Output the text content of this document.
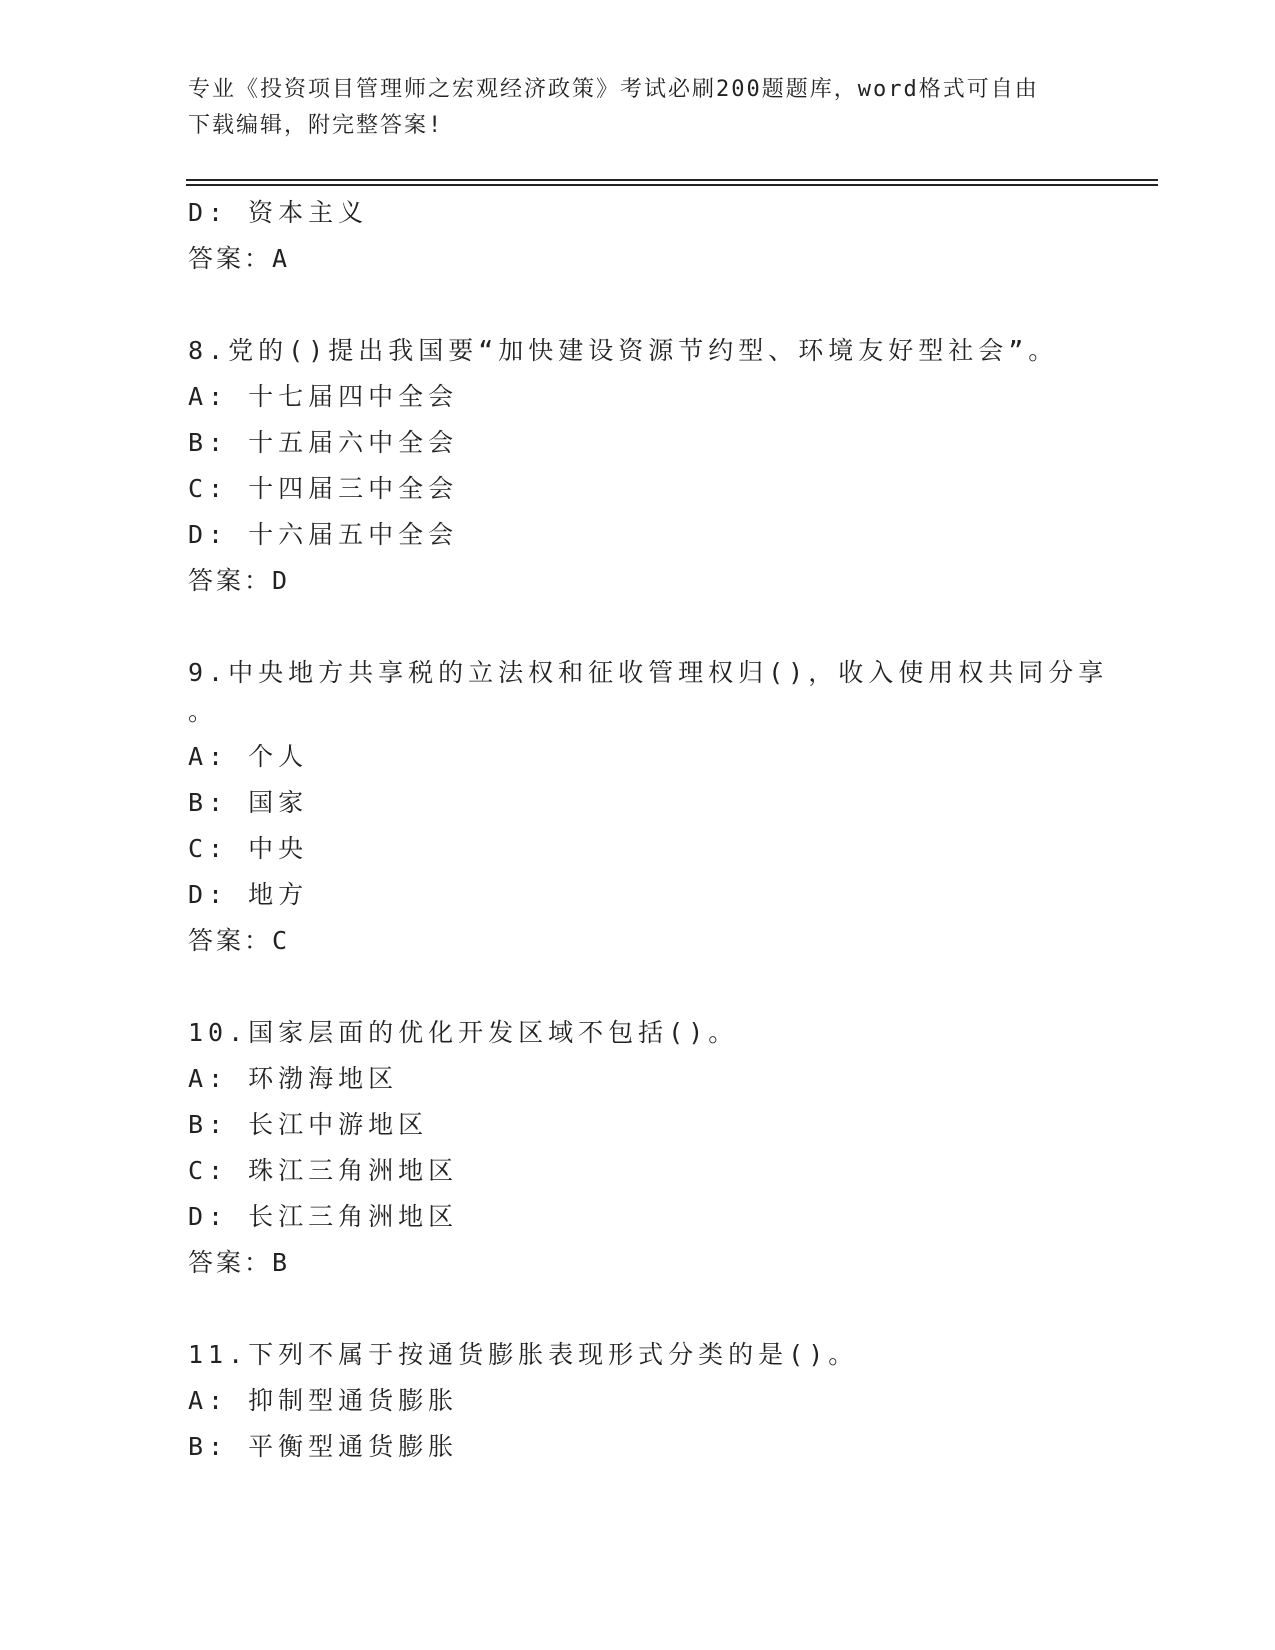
专业《投资项目管理师之宏观经济政策》考试必刷200题题库，word格式可自由
下载编辑，附完整答案!
D: 资本主义
答案：A
8.党的()提出我国要“加快建设资源节约型、环境友好型社会”。
A: 十七届四中全会
B: 十五届六中全会
C: 十四届三中全会
D: 十六届五中全会
答案：D
9.中央地方共享税的立法权和征收管理权归()，收入使用权共同分享
。
A: 个人
B: 国家
C: 中央
D: 地方
答案：C
10.国家层面的优化开发区域不包括()。
A: 环渤海地区
B: 长江中游地区
C: 珠江三角洲地区
D: 长江三角洲地区
答案：B
11.下列不属于按通货膨胀表现形式分类的是()。
A: 抑制型通货膨胀
B: 平衡型通货膨胀
